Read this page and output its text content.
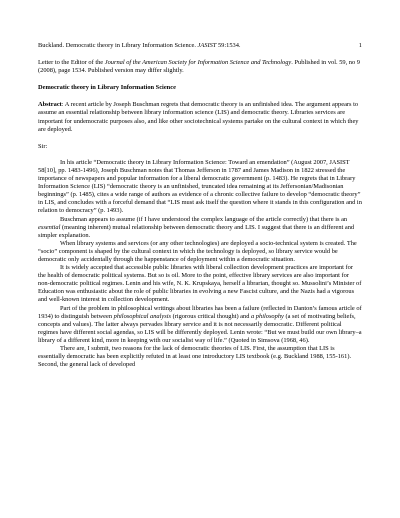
Buckland. Democratic theory in Library Information Science. JASIST 59:1534.	1

Letter to the Editor of the Journal of the American Society for Information Science and Technology. Published in vol. 59, no 9 (2008), page 1534. Published version may differ slightly.

Democratic theory in Library Information Science

Abstract: A recent article by Joseph Buschman regrets that democratic theory is an unfinished idea. The argument appears to assume an essential relationship between library information science (LIS) and democratic theory. Libraries services are important for undemocratic purposes also, and like other sociotechnical systems partake on the cultural context in which they are deployed.

Sir:

In his article “Democratic theory in Library Information Science: Toward an emendation” (August 2007, JASIST 58[10], pp. 1483-1496), Joseph Buschman notes that Thomas Jefferson in 1787 and James Madison in 1822 stressed the importance of newspapers and popular information for a liberal democratic government (p. 1483). He regrets that in Library Information Science (LIS) “democratic theory is an unfinished, truncated idea remaining at its Jeffersonian/Madisonian beginnings” (p. 1485), cites a wide range of authors as evidence of a chronic collective failure to develop “democratic theory” in LIS, and concludes with a forceful demand that “LIS must ask itself the question where it stands in this configuration and in relation to democracy” (p. 1493).

Buschman appears to assume (if I have understood the complex language of the article correctly) that there is an essential (meaning inherent) mutual relationship between democratic theory and LIS. I suggest that there is an different and simpler explanation.

When library systems and services (or any other technologies) are deployed a socio-technical system is created. The “socio” component is shaped by the cultural context in which the technology is deployed, so library service would be democratic only accidentally through the happenstance of deployment within a democratic situation.

It is widely accepted that accessible public libraries with liberal collection development practices are important for the health of democratic political systems. But so is oil. More to the point, effective library services are also important for non-democratic political regimes. Lenin and his wife, N. K. Krupskaya, herself a librarian, thought so. Mussolini’s Minister of Education was enthusiastic about the role of public libraries in evolving a new Fascist culture, and the Nazis had a vigorous and well-known interest in collection development.

Part of the problem in philosophical writings about libraries has been a failure (reflected in Danton’s famous article of 1934) to distinguish between philosophical analysis (rigorous critical thought) and a philosophy (a set of motivating beliefs, concepts and values). The latter always pervades library service and it is not necessarily democratic. Different political regimes have different social agendas, so LIS will be differently deployed. Lenin wrote: “But we must build our own library–a library of a different kind, more in keeping with our socialist way of life.” (Quoted in Simsova (1968, 46).

There are, I submit, two reasons for the lack of democratic theories of LIS. First, the assumption that LIS is essentially democratic has been explicitly refuted in at least one introductory LIS textbook (e.g. Buckland 1988, 155-161). Second, the general lack of developed
